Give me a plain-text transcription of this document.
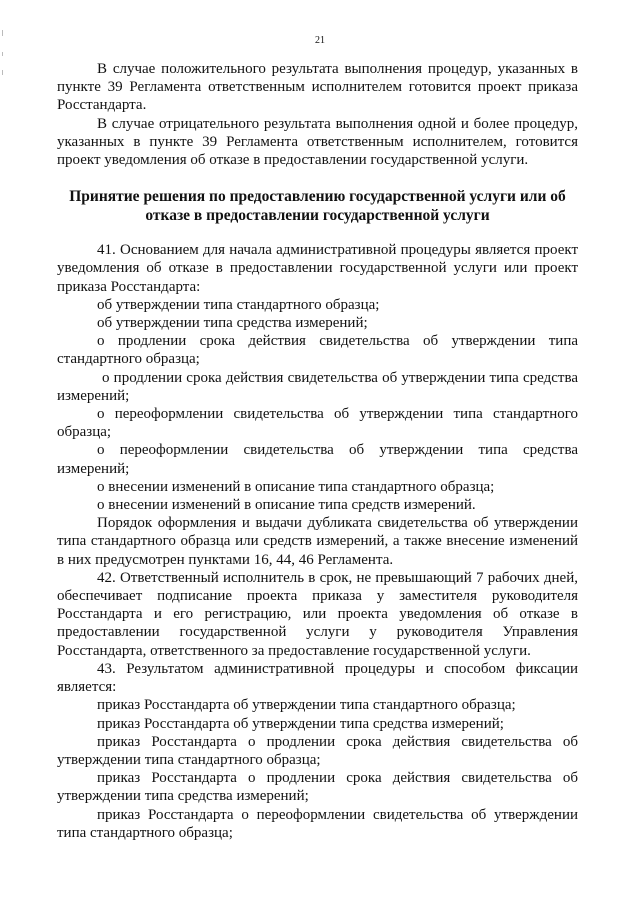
21

В случае положительного результата выполнения процедур, указанных в пункте 39 Регламента ответственным исполнителем готовится проект приказа Росстандарта.

В случае отрицательного результата выполнения одной и более процедур, указанных в пункте 39 Регламента ответственным исполнителем, готовится проект уведомления об отказе в предоставлении государственной услуги.

Принятие решения по предоставлению государственной услуги или об отказе в предоставлении государственной услуги

41. Основанием для начала административной процедуры является проект уведомления об отказе в предоставлении государственной услуги или проект приказа Росстандарта:

об утверждении типа стандартного образца;

об утверждении типа средства измерений;

о продлении срока действия свидетельства об утверждении типа стандартного образца;

о продлении срока действия свидетельства об утверждении типа средства измерений;

о переоформлении свидетельства об утверждении типа стандартного образца;

о переоформлении свидетельства об утверждении типа средства измерений;

о внесении изменений в описание типа стандартного образца;

о внесении изменений в описание типа средств измерений.

Порядок оформления и выдачи дубликата свидетельства об утверждении типа стандартного образца или средств измерений, а также внесение изменений в них предусмотрен пунктами 16, 44, 46 Регламента.

42. Ответственный исполнитель в срок, не превышающий 7 рабочих дней, обеспечивает подписание проекта приказа у заместителя руководителя Росстандарта и его регистрацию, или проекта уведомления об отказе в предоставлении государственной услуги у руководителя Управления Росстандарта, ответственного за предоставление государственной услуги.

43. Результатом административной процедуры и способом фиксации является:

приказ Росстандарта об утверждении типа стандартного образца;

приказ Росстандарта об утверждении типа средства измерений;

приказ Росстандарта о продлении срока действия свидетельства об утверждении типа стандартного образца;

приказ Росстандарта о продлении срока действия свидетельства об утверждении типа средства измерений;

приказ Росстандарта о переоформлении свидетельства об утверждении типа стандартного образца;
